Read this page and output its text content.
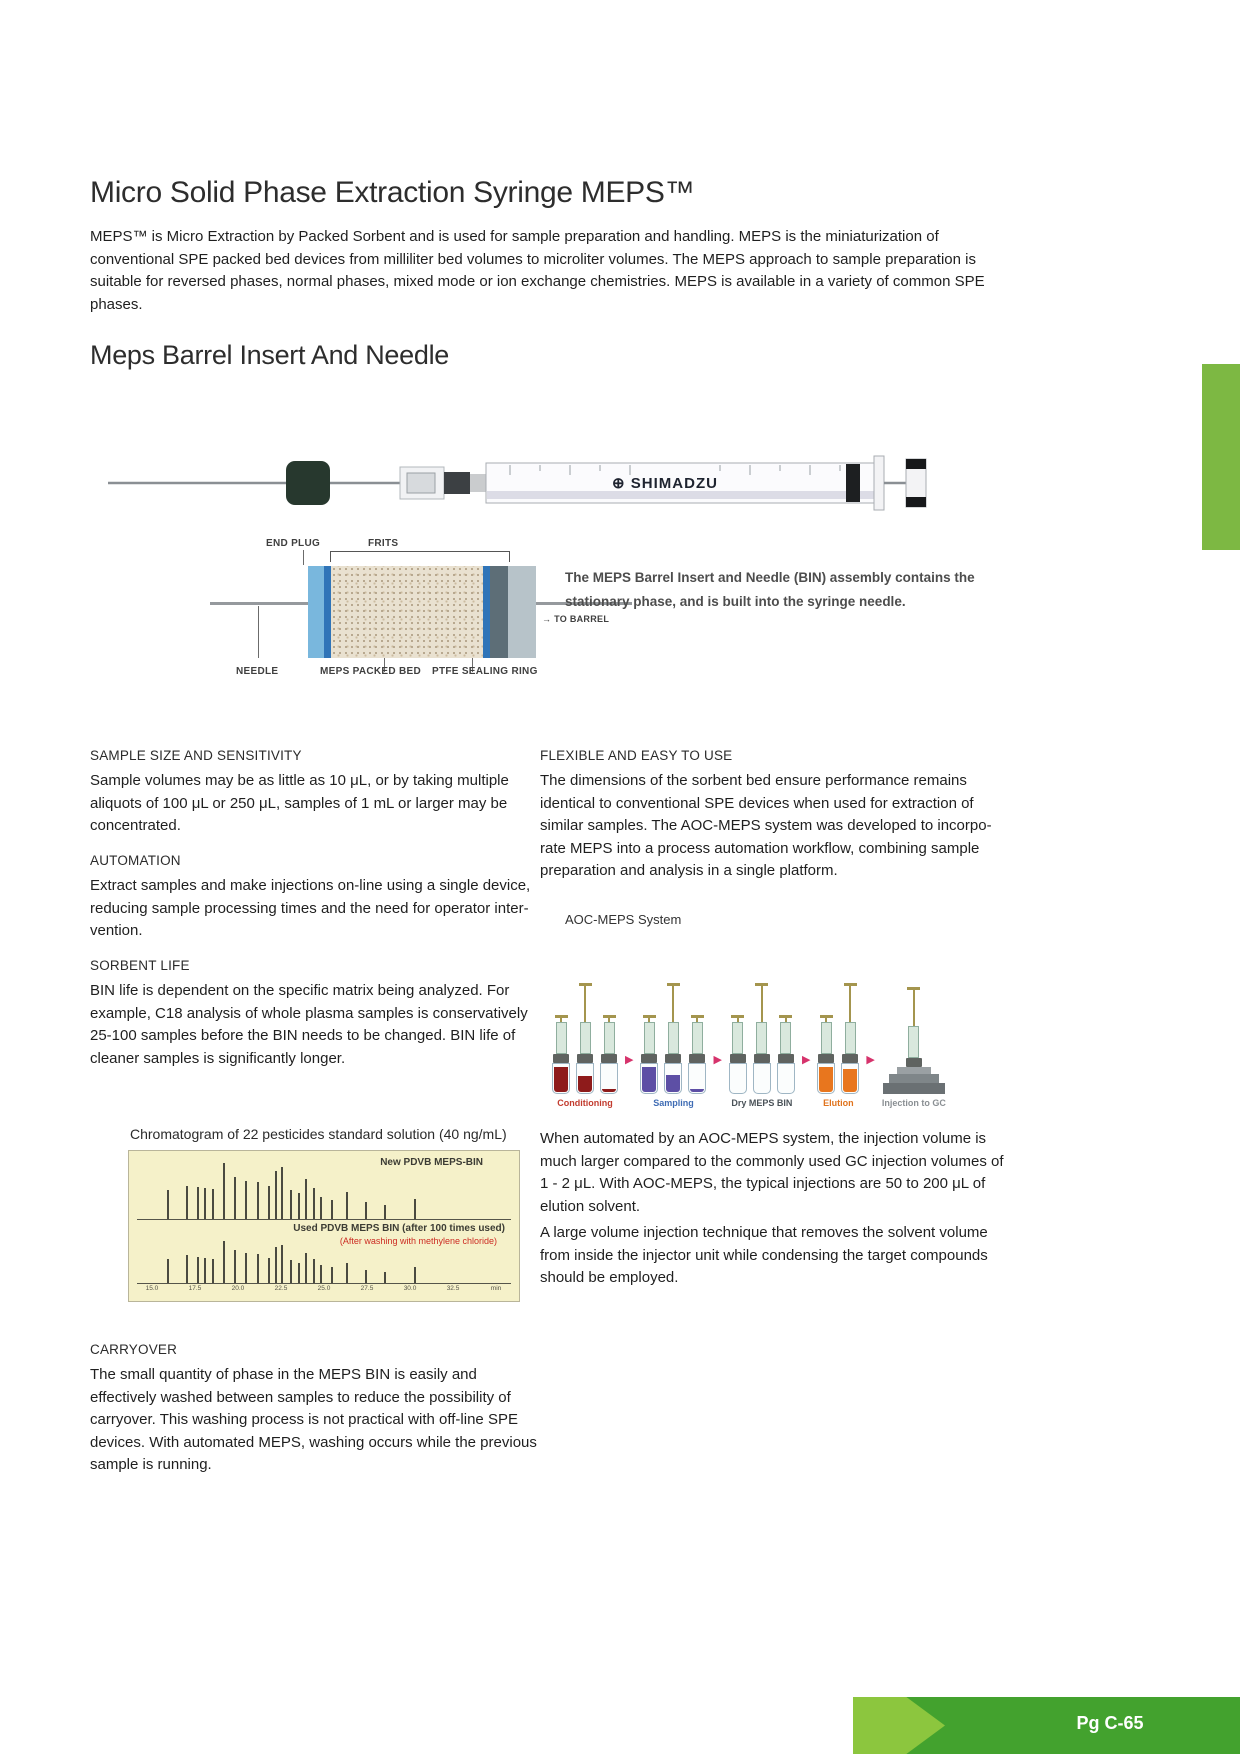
Micro Solid Phase Extraction Syringe MEPS™
MEPS™ is Micro Extraction by Packed Sorbent and is used for sample preparation and handling. MEPS is the miniaturization of conventional SPE packed bed devices from milliliter bed volumes to microliter volumes. The MEPS approach to sample preparation is suitable for reversed phases, normal phases, mixed mode or ion exchange chemistries. MEPS is available in a variety of common SPE phases.
Meps Barrel Insert And Needle
⊕ SHIMADZU
END PLUG	FRITS
→ TO BARREL
NEEDLE	MEPS PACKED BED PTFE SEALING RING
The MEPS Barrel Insert and Needle (BIN) assembly contains the stationary phase, and is built into the syringe needle.
SAMPLE SIZE AND SENSITIVITY
Sample volumes may be as little as 10 μL, or by taking multiple aliquots of 100 μL or 250 μL, samples of 1 mL or larger may be concentrated.
AUTOMATION
Extract samples and make injections on-line using a single device, reducing sample processing times and the need for operator inter-vention.
SORBENT LIFE
BIN life is dependent on the specific matrix being analyzed. For example, C18 analysis of whole plasma samples is conservatively 25-100 samples before the BIN needs to be changed. BIN life of cleaner samples is significantly longer.
FLEXIBLE AND EASY TO USE
The dimensions of the sorbent bed ensure performance remains identical to conventional SPE devices when used for extraction of similar samples. The AOC-MEPS system was developed to incorpo-rate MEPS into a process automation workflow, combining sample preparation and analysis in a single platform.
AOC-MEPS System
Conditioning
▶
Sampling
▶
Dry MEPS BIN
▶
Elution
▶
Injection to GC
When automated by an AOC-MEPS system, the injection volume is much larger compared to the commonly used GC injection volumes of 1 - 2 μL. With AOC-MEPS, the typical injections are 50 to 200 μL of elution solvent.
A large volume injection technique that removes the solvent volume from inside the injector unit while condensing the target compounds should be employed.
Chromatogram of 22 pesticides standard solution (40 ng/mL)
New PDVB MEPS-BIN
Used PDVB MEPS BIN (after 100 times used)
(After washing with methylene chloride)
15.0	17.5	20.0	22.5	25.0	27.5	30.0	32.5	min
CARRYOVER
The small quantity of phase in the MEPS BIN is easily and effectively washed between samples to reduce the possibility of carryover. This washing process is not practical with off-line SPE devices. With automated MEPS, washing occurs while the previous sample is running.
Pg C-65
